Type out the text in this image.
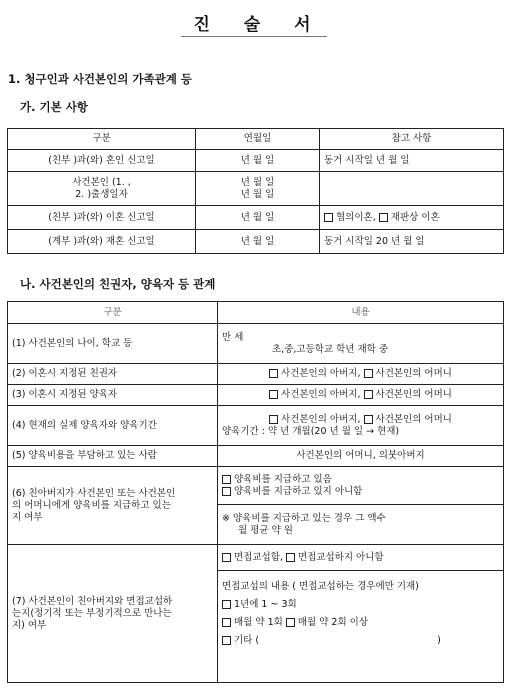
진 술 서
1. 청구인과 사건본인의 가족관계 등
가. 기본 사항
구분	연월일	참고 사항
(친부 )과(와) 혼인 신고일	년 월 일	동거 시작일 년 월 일

사건본인 (1. ,
2. )출생일자	년 월 일
년 월 일	

(친부 )과(와) 이혼 신고일	년 월 일	협의이혼, 재판상 이혼
(계부 )과(와) 재혼 신고일	년 월 일	동거 시작일 20 년 월 일
나. 사건본인의 친권자, 양육자 등 관계
구분	내용
(1) 사건본인의 나이, 학교 등	만 세
초,중,고등학교 학년 재학 중

(2) 이혼시 지정된 친권자	사건본인의 아버지, 사건본인의 어머니
(3) 이혼시 지정된 양육자	사건본인의 아버지, 사건본인의 어머니
(4) 현재의 실제 양육자와 양육기간	사건본인의 아버지, 사건본인의 어머니
양육기간 : 약 년 개월(20 년 월 일 → 현재)

(5) 양육비용을 부담하고 있는 사람	사건본인의 어머니, 의붓아버지

(6) 친아버지가 사건본인 또는 사건본인
의 어머니에게 양육비를 지급하고 있는
지 여부	양육비를 지급하고 있음
양육비를 지급하고 있지 아니함

	※ 양육비를 지급하고 있는 경우 그 액수
월 평균 약 원

(7) 사건본인이 친아버지와 면접교섭하
는지(정기적 또는 부정기적으로 만나는
지) 여부	면접교섭함, 면접교섭하지 아니함

	면접교섭의 내용 ( 면접교섭하는 경우에만 기재)
1년에 1 ~ 3회
매월 약 1회 매월 약 2회 이상
기타 ( )
